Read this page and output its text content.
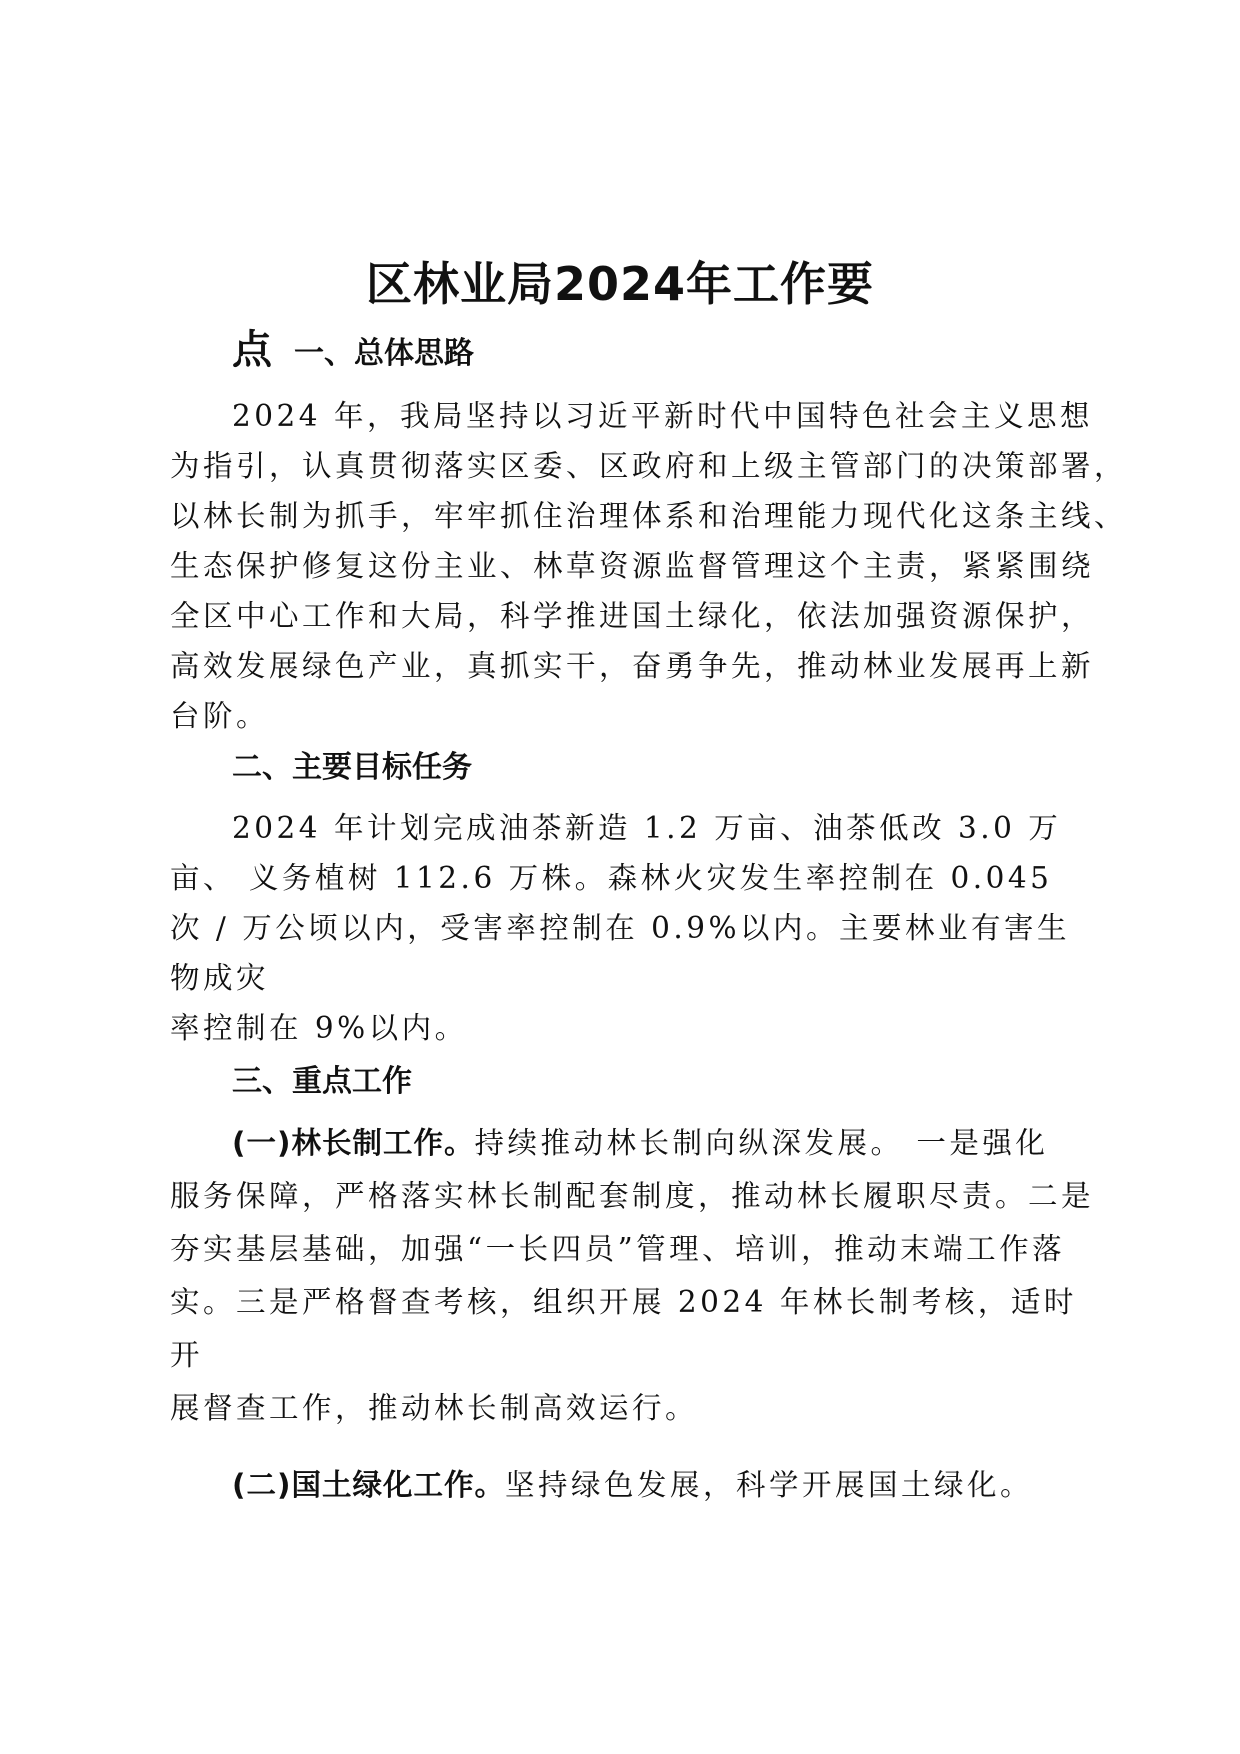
区林业局2024年工作要
点 一、总体思路
2024 年，我局坚持以习近平新时代中国特色社会主义思想
为指引，认真贯彻落实区委、区政府和上级主管部门的决策部署，
以林长制为抓手，牢牢抓住治理体系和治理能力现代化这条主线、
生态保护修复这份主业、林草资源监督管理这个主责，紧紧围绕
全区中心工作和大局，科学推进国土绿化，依法加强资源保护，
高效发展绿色产业，真抓实干，奋勇争先，推动林业发展再上新
台阶。
二、主要目标任务
2024 年计划完成油茶新造 1.2 万亩、油茶低改 3.0 万
亩、 义务植树 112.6 万株。森林火灾发生率控制在 0.045
次 / 万公顷以内，受害率控制在 0.9%以内。主要林业有害生
物成灾
率控制在 9%以内。
三、重点工作
(一)林长制工作。持续推动林长制向纵深发展。 一是强化
服务保障，严格落实林长制配套制度，推动林长履职尽责。二是
夯实基层基础，加强“一长四员”管理、培训，推动末端工作落
实。三是严格督查考核，组织开展 2024 年林长制考核，适时
开
展督查工作，推动林长制高效运行。
(二)国土绿化工作。坚持绿色发展，科学开展国土绿化。
